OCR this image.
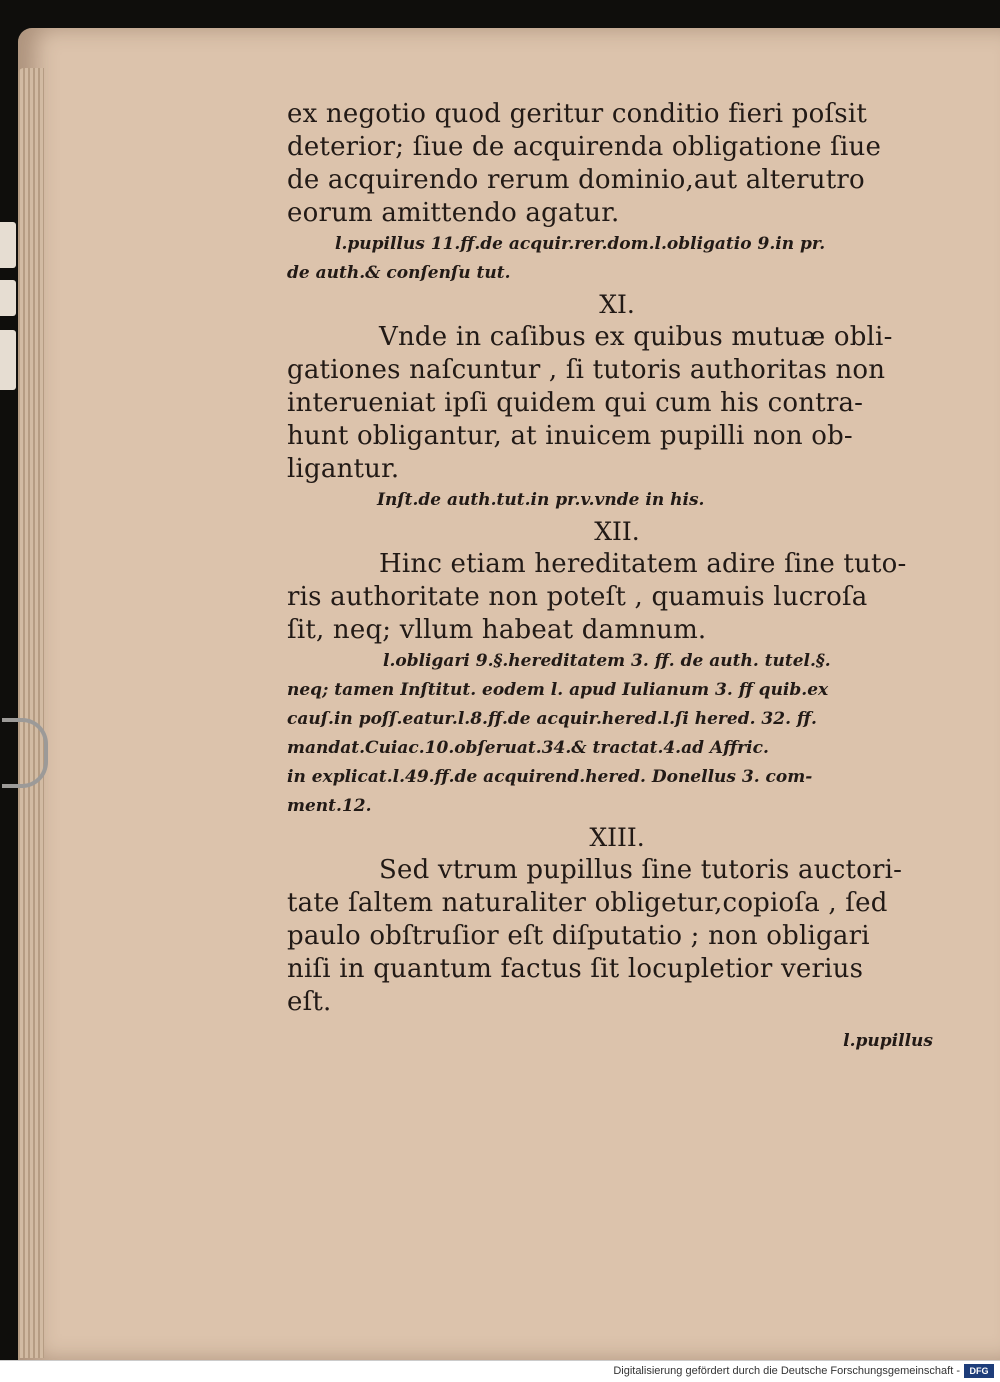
ex negotio quod geritur conditio fieri poſsit
deterior; ſiue de acquirenda obligatione ſiue
de acquirendo rerum dominio,aut alterutro
eorum amittendo agatur.
l.pupillus 11.ff.de acquir.rer.dom.l.obligatio 9.in pr.
de auth.& conſenſu tut.
XI.
Vnde in caſibus ex quibus mutuæ obli-
gationes naſcuntur , ſi tutoris authoritas non
interueniat ipſi quidem qui cum his contra-
hunt obligantur, at inuicem pupilli non ob-
ligantur.
Inſt.de auth.tut.in pr.v.vnde in his.
XII.
Hinc etiam hereditatem adire ſine tuto-
ris authoritate non poteſt , quamuis lucroſa
ſit, neq; vllum habeat damnum.
l.obligari 9.§.hereditatem 3. ff. de auth. tutel.§.
neq; tamen Inſtitut. eodem l. apud Iulianum 3. ff quib.ex
cauſ.in poſſ.eatur.l.8.ff.de acquir.hered.l.ſi hered. 32. ff.
mandat.Cuiac.10.obſeruat.34.& tractat.4.ad Affric.
in explicat.l.49.ff.de acquirend.hered. Donellus 3. com-
ment.12.
XIII.
Sed vtrum pupillus ſine tutoris auctori-
tate ſaltem naturaliter obligetur,copioſa , ſed
paulo obſtruſior eſt diſputatio ; non obligari
niſi in quantum factus ſit locupletior verius
eſt.
l.pupillus
Digitalisierung gefördert durch die Deutsche Forschungsgemeinschaft -	DFG
